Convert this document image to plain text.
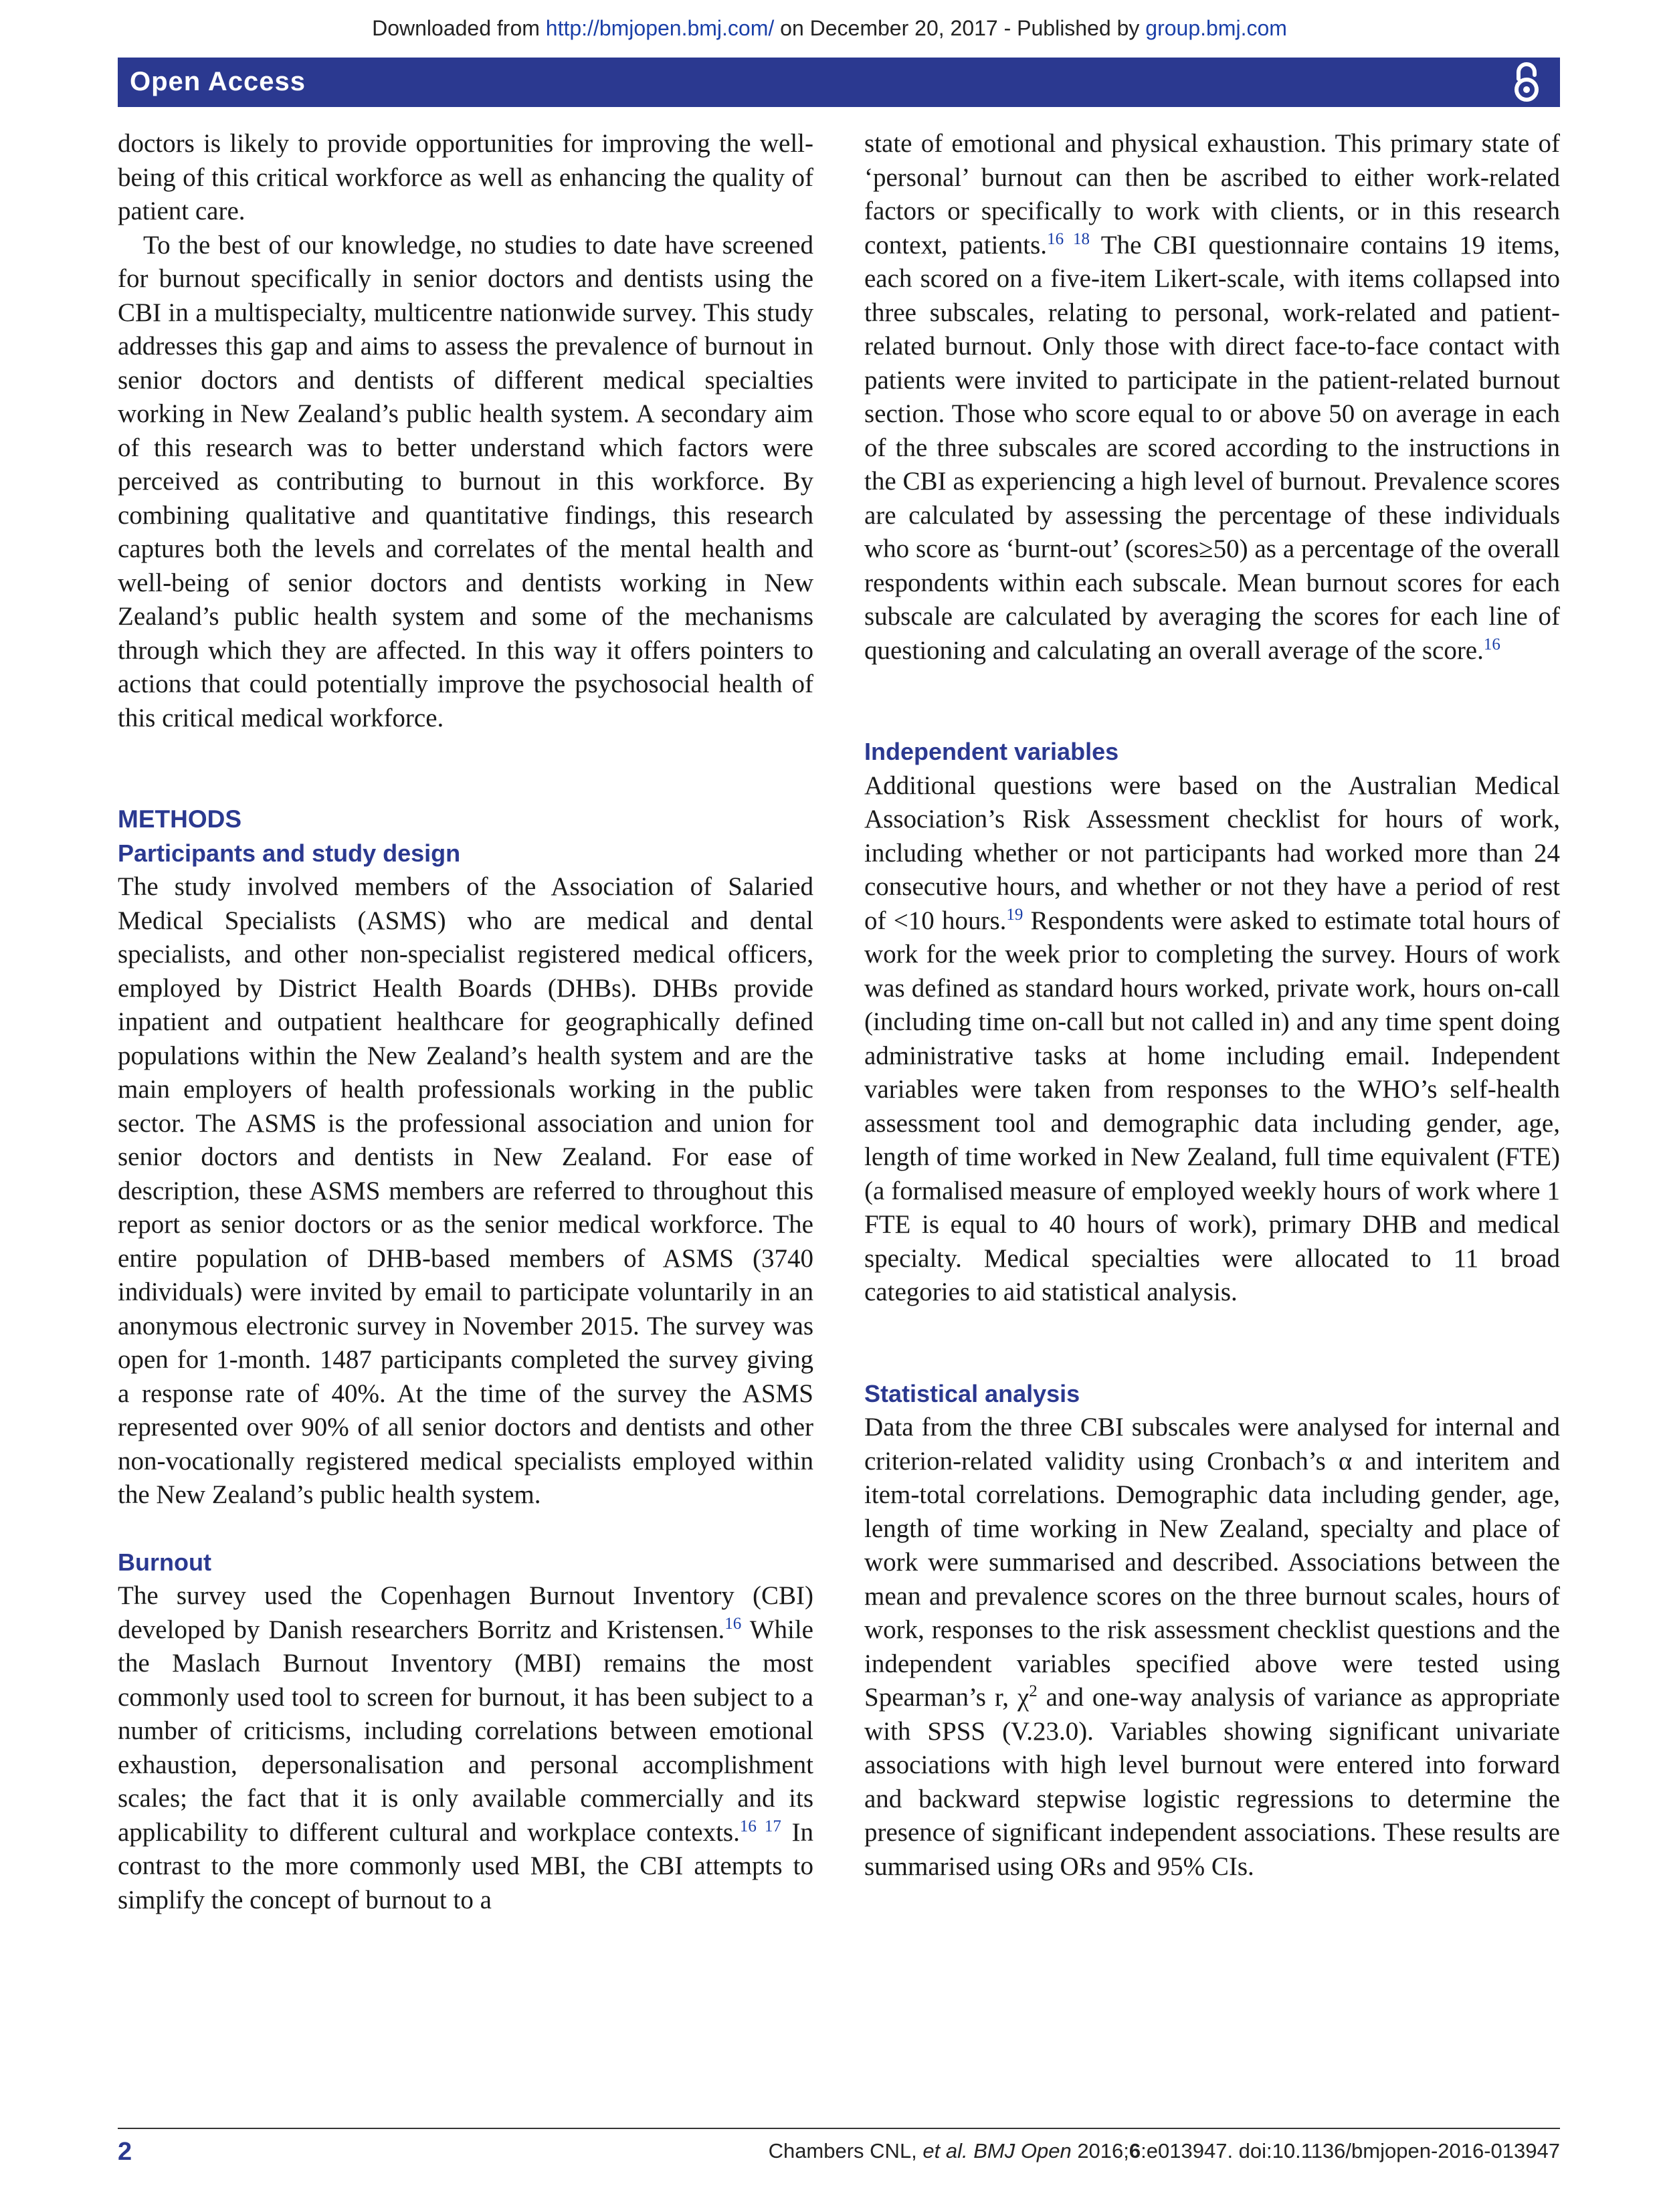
Downloaded from http://bmjopen.bmj.com/ on December 20, 2017 - Published by group.bmj.com
Open Access

doctors is likely to provide opportunities for improving the well-being of this critical workforce as well as enhancing the quality of patient care.

To the best of our knowledge, no studies to date have screened for burnout specifically in senior doctors and dentists using the CBI in a multispecialty, multicentre nationwide survey. This study addresses this gap and aims to assess the prevalence of burnout in senior doctors and dentists of different medical specialties working in New Zealand’s public health system. A secondary aim of this research was to better understand which factors were perceived as contributing to burnout in this workforce. By combining qualitative and quantitative findings, this research captures both the levels and correlates of the mental health and well-being of senior doctors and dentists working in New Zealand’s public health system and some of the mechanisms through which they are affected. In this way it offers pointers to actions that could potentially improve the psychosocial health of this critical medical workforce.

METHODS
Participants and study design

The study involved members of the Association of Salaried Medical Specialists (ASMS) who are medical and dental specialists, and other non-specialist registered medical officers, employed by District Health Boards (DHBs). DHBs provide inpatient and outpatient healthcare for geographically defined populations within the New Zealand’s health system and are the main employers of health professionals working in the public sector. The ASMS is the professional association and union for senior doctors and dentists in New Zealand. For ease of description, these ASMS members are referred to throughout this report as senior doctors or as the senior medical workforce. The entire population of DHB-based members of ASMS (3740 individuals) were invited by email to participate voluntarily in an anonymous electronic survey in November 2015. The survey was open for 1-month. 1487 participants completed the survey giving a response rate of 40%. At the time of the survey the ASMS represented over 90% of all senior doctors and dentists and other non-vocationally registered medical specialists employed within the New Zealand’s public health system.

Burnout

The survey used the Copenhagen Burnout Inventory (CBI) developed by Danish researchers Borritz and Kristensen.$^{16}$ While the Maslach Burnout Inventory (MBI) remains the most commonly used tool to screen for burnout, it has been subject to a number of criticisms, including correlations between emotional exhaustion, depersonalisation and personal accomplishment scales; the fact that it is only available commercially and its applicability to different cultural and workplace contexts.$^{16 17}$ In contrast to the more commonly used MBI, the CBI attempts to simplify the concept of burnout to a

state of emotional and physical exhaustion. This primary state of ‘personal’ burnout can then be ascribed to either work-related factors or specifically to work with clients, or in this research context, patients.$^{16 18}$ The CBI questionnaire contains 19 items, each scored on a five-item Likert-scale, with items collapsed into three subscales, relating to personal, work-related and patient-related burnout. Only those with direct face-to-face contact with patients were invited to participate in the patient-related burnout section. Those who score equal to or above 50 on average in each of the three subscales are scored according to the instructions in the CBI as experiencing a high level of burnout. Prevalence scores are calculated by assessing the percentage of these individuals who score as ‘burnt-out’ (scores≥50) as a percentage of the overall respondents within each subscale. Mean burnout scores for each subscale are calculated by averaging the scores for each line of questioning and calculating an overall average of the score.$^{16}$

Independent variables

Additional questions were based on the Australian Medical Association’s Risk Assessment checklist for hours of work, including whether or not participants had worked more than 24 consecutive hours, and whether or not they have a period of rest of <10 hours.$^{19}$ Respondents were asked to estimate total hours of work for the week prior to completing the survey. Hours of work was defined as standard hours worked, private work, hours on-call (including time on-call but not called in) and any time spent doing administrative tasks at home including email. Independent variables were taken from responses to the WHO’s self-health assessment tool and demographic data including gender, age, length of time worked in New Zealand, full time equivalent (FTE) (a formalised measure of employed weekly hours of work where 1 FTE is equal to 40 hours of work), primary DHB and medical specialty. Medical specialties were allocated to 11 broad categories to aid statistical analysis.

Statistical analysis

Data from the three CBI subscales were analysed for internal and criterion-related validity using Cronbach’s α and interitem and item-total correlations. Demographic data including gender, age, length of time working in New Zealand, specialty and place of work were summarised and described. Associations between the mean and prevalence scores on the three burnout scales, hours of work, responses to the risk assessment checklist questions and the independent variables specified above were tested using Spearman’s r, $\chi^2$ and one-way analysis of variance as appropriate with SPSS (V.23.0). Variables showing significant univariate associations with high level burnout were entered into forward and backward stepwise logistic regressions to determine the presence of significant independent associations. These results are summarised using ORs and 95% CIs.

2	Chambers CNL, et al. BMJ Open 2016;6:e013947. doi:10.1136/bmjopen-2016-013947
